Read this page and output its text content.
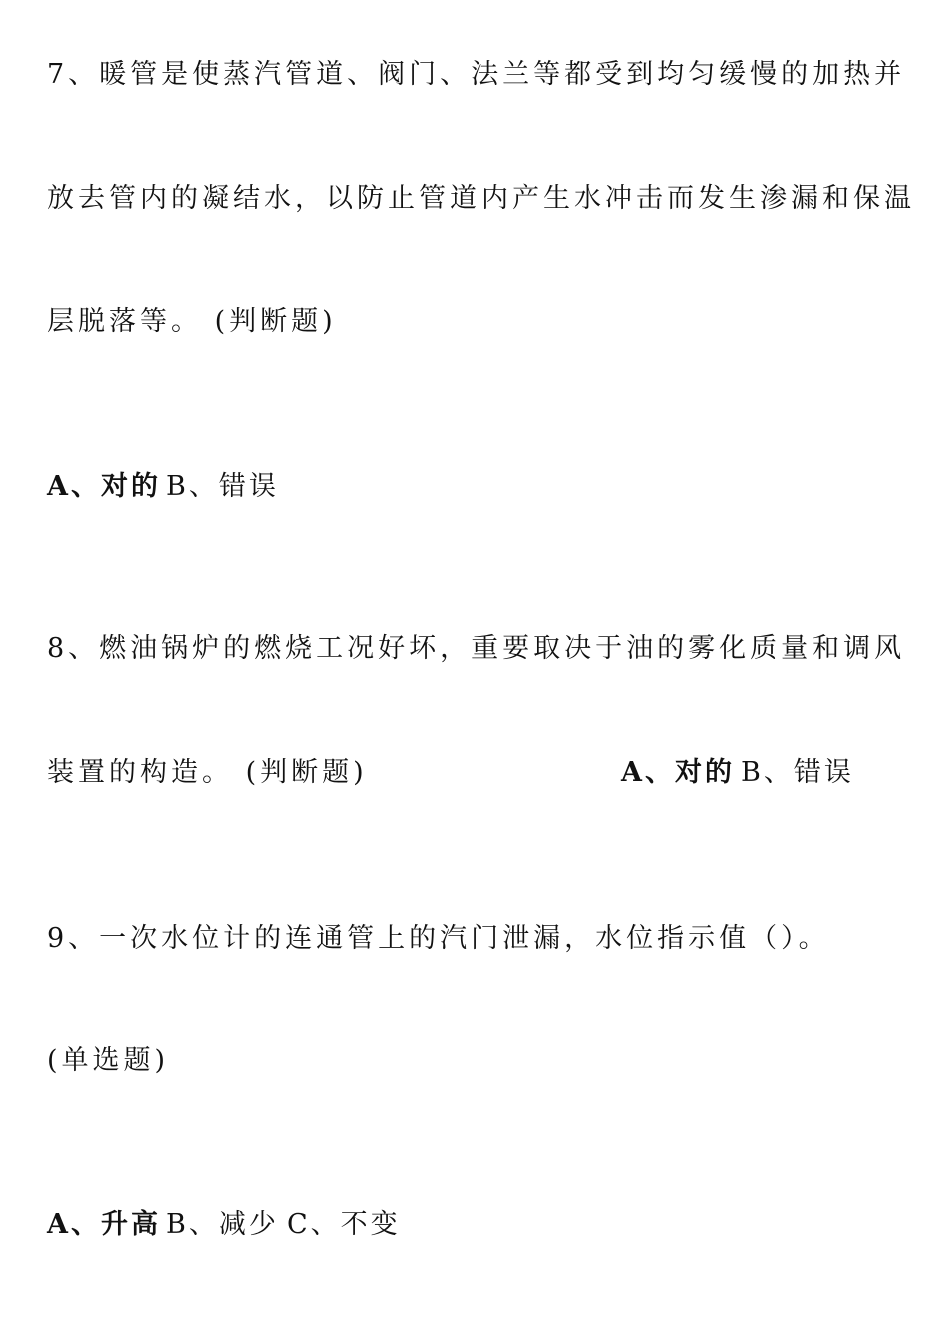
7、暖管是使蒸汽管道、阀门、法兰等都受到均匀缓慢的加热并
放去管内的凝结水，以防止管道内产生水冲击而发生渗漏和保温
层脱落等。 (判断题)
A、对的 B、错误
8、燃油锅炉的燃烧工况好坏，重要取决于油的雾化质量和调风
装置的构造。 (判断题)	A、对的 B、错误
9、一次水位计的连通管上的汽门泄漏，水位指示值（）。
(单选题)
A、升高 B、减少 C、不变
